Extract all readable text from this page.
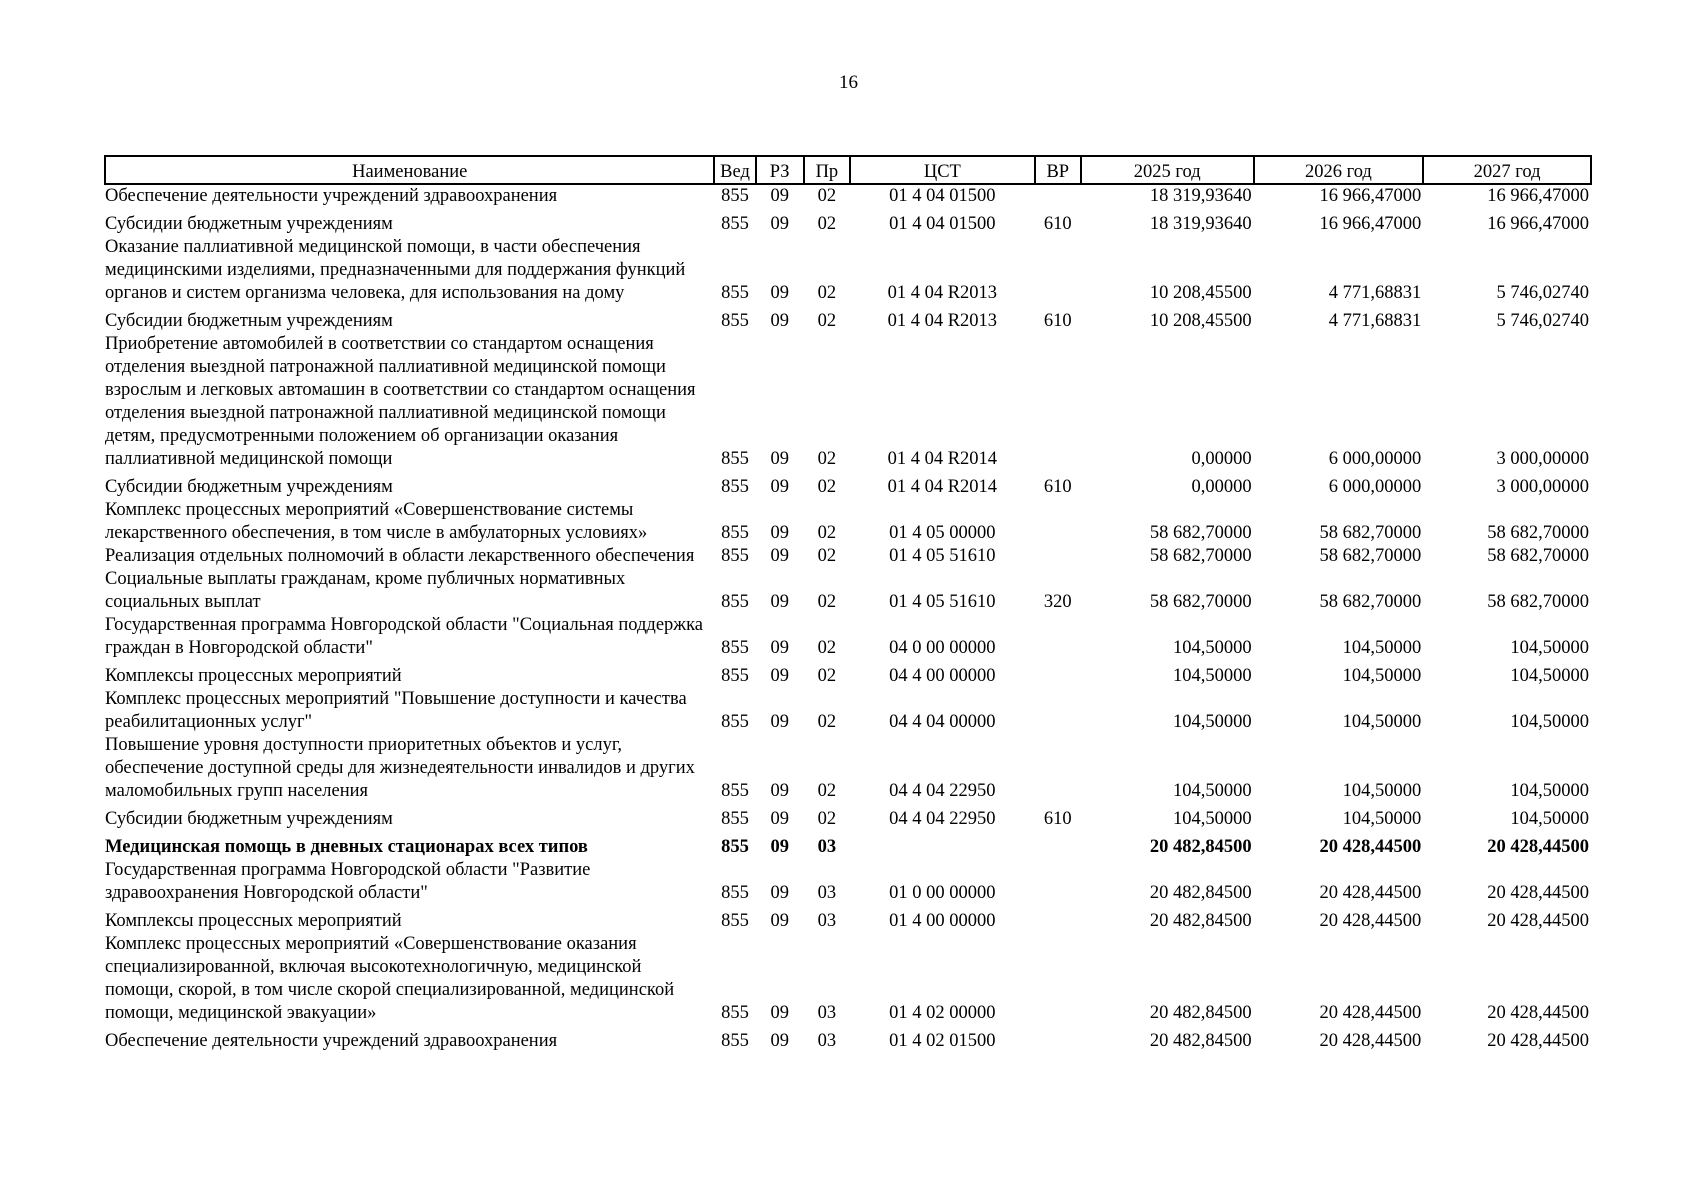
16
Наименование	Вед	РЗ	Пр	ЦСТ	ВР	2025 год	2026 год	2027 год
Обеспечение деятельности учреждений здравоохранения	855	09	02	01 4 04 01500		18 319,93640	16 966,47000	16 966,47000
Субсидии бюджетным учреждениям	855	09	02	01 4 04 01500	610	18 319,93640	16 966,47000	16 966,47000
Оказание паллиативной медицинской помощи, в части обеспечения медицинскими изделиями, предназначенными для поддержания функций органов и систем организма человека, для использования на дому	855	09	02	01 4 04 R2013		10 208,45500	4 771,68831	5 746,02740
Субсидии бюджетным учреждениям	855	09	02	01 4 04 R2013	610	10 208,45500	4 771,68831	5 746,02740
Приобретение автомобилей в соответствии со стандартом оснащения отделения выездной патронажной паллиативной медицинской помощи взрослым и легковых автомашин в соответствии со стандартом оснащения отделения выездной патронажной паллиативной медицинской помощи детям, предусмотренными положением об организации оказания паллиативной медицинской помощи	855	09	02	01 4 04 R2014		0,00000	6 000,00000	3 000,00000
Субсидии бюджетным учреждениям	855	09	02	01 4 04 R2014	610	0,00000	6 000,00000	3 000,00000
Комплекс процессных мероприятий «Совершенствование системы лекарственного обеспечения, в том числе в амбулаторных условиях»	855	09	02	01 4 05 00000		58 682,70000	58 682,70000	58 682,70000
Реализация отдельных полномочий в области лекарственного обеспечения	855	09	02	01 4 05 51610		58 682,70000	58 682,70000	58 682,70000
Социальные выплаты гражданам, кроме публичных нормативных социальных выплат	855	09	02	01 4 05 51610	320	58 682,70000	58 682,70000	58 682,70000
Государственная программа Новгородской области "Социальная поддержка граждан в Новгородской области"	855	09	02	04 0 00 00000		104,50000	104,50000	104,50000
Комплексы процессных мероприятий	855	09	02	04 4 00 00000		104,50000	104,50000	104,50000
Комплекс процессных мероприятий "Повышение доступности и качества реабилитационных услуг"	855	09	02	04 4 04 00000		104,50000	104,50000	104,50000
Повышение уровня доступности приоритетных объектов и услуг, обеспечение доступной среды для жизнедеятельности инвалидов и других маломобильных групп населения	855	09	02	04 4 04 22950		104,50000	104,50000	104,50000
Субсидии бюджетным учреждениям	855	09	02	04 4 04 22950	610	104,50000	104,50000	104,50000
Медицинская помощь в дневных стационарах всех типов	855	09	03			20 482,84500	20 428,44500	20 428,44500
Государственная программа Новгородской области "Развитие здравоохранения Новгородской области"	855	09	03	01 0 00 00000		20 482,84500	20 428,44500	20 428,44500
Комплексы процессных мероприятий	855	09	03	01 4 00 00000		20 482,84500	20 428,44500	20 428,44500
Комплекс процессных мероприятий «Совершенствование оказания специализированной, включая высокотехнологичную, медицинской помощи, скорой, в том числе скорой специализированной, медицинской помощи, медицинской эвакуации»	855	09	03	01 4 02 00000		20 482,84500	20 428,44500	20 428,44500
Обеспечение деятельности учреждений здравоохранения	855	09	03	01 4 02 01500		20 482,84500	20 428,44500	20 428,44500
